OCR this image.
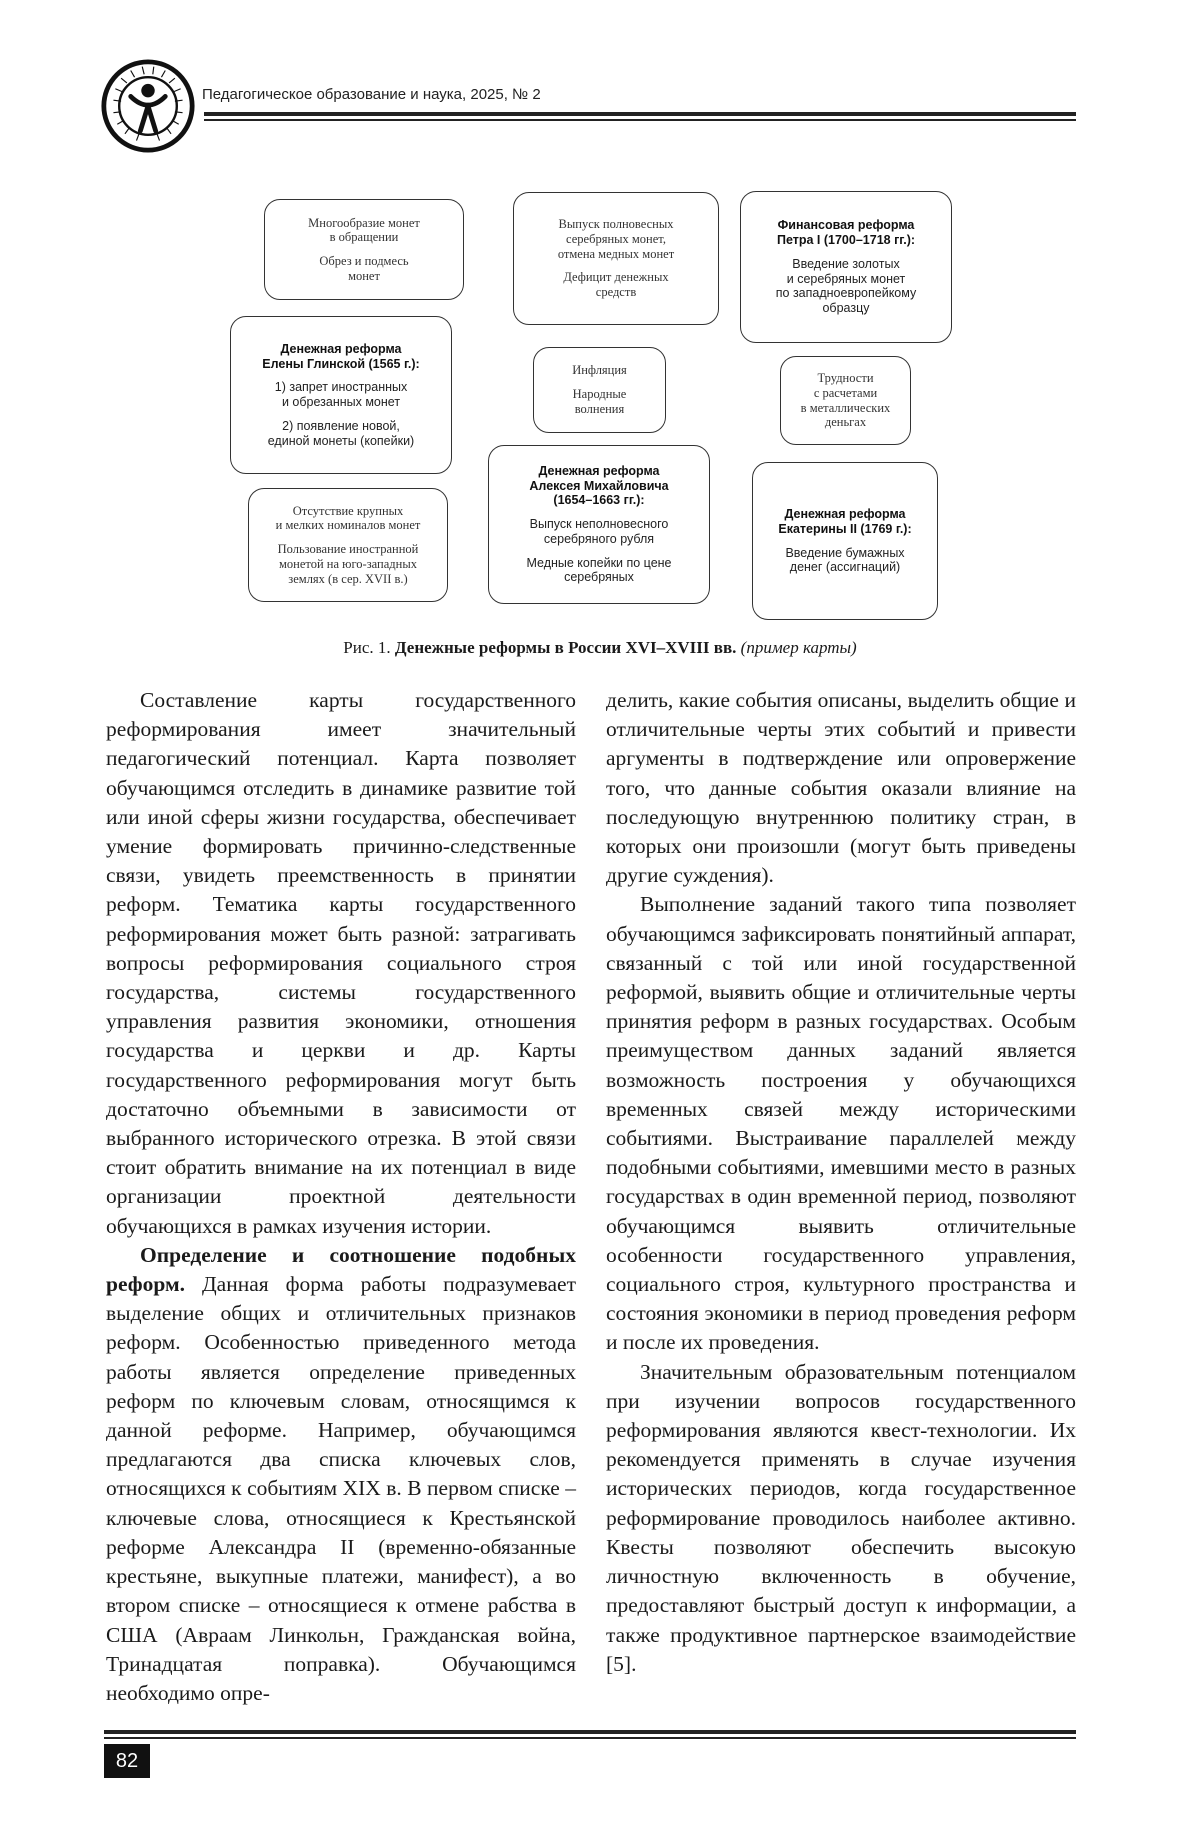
Педагогическое образование и наука, 2025, № 2
Многообразие монет
в обращении
Обрез и подмесь
монет
Выпуск полновесных
серебряных монет,
отмена медных монет
Дефицит денежных
средств
Финансовая реформа
Петра I (1700–1718 гг.):
Введение золотых
и серебряных монет
по западноевропейкому
образцу
Денежная реформа
Елены Глинской (1565 г.):
1) запрет иностранных
и обрезанных монет
2) появление новой,
единой монеты (копейки)
Инфляция
Народные
волнения
Трудности
с расчетами
в металлических
деньгах
Денежная реформа
Алексея Михайловича
(1654–1663 гг.):
Выпуск неполновесного
серебряного рубля
Медные копейки по цене
серебряных
Отсутствие крупных
и мелких номиналов монет
Пользование иностранной
монетой на юго-западных
землях (в сер. XVII в.)
Денежная реформа
Екатерины II (1769 г.):
Введение бумажных
денег (ассигнаций)
Рис. 1. Денежные реформы в России XVI–XVIII вв. (пример карты)

Составление карты государственного реформирования имеет значительный педагогический потенциал. Карта позволяет обучающимся отследить в динамике развитие той или иной сферы жизни государства, обеспечивает умение формировать причинно-следственные связи, увидеть преемственность в принятии реформ. Тематика карты государственного реформирования может быть разной: затрагивать вопросы реформирования социального строя государства, системы государственного управления развития экономики, отношения государства и церкви и др. Карты государственного реформирования могут быть достаточно объемными в зависимости от выбранного исторического отрезка. В этой связи стоит обратить внимание на их потенциал в виде организации проектной деятельности обучающихся в рамках изучения истории.

Определение и соотношение подобных реформ. Данная форма работы подразумевает выделение общих и отличительных признаков реформ. Особенностью приведенного метода работы является определение приведенных реформ по ключевым словам, относящимся к данной реформе. Например, обучающимся предлагаются два списка ключевых слов, относящихся к событиям XIX в. В первом списке – ключевые слова, относящиеся к Крестьянской реформе Александра II (временно-обязанные крестьяне, выкупные платежи, манифест), а во втором списке – относящиеся к отмене рабства в США (Авраам Линкольн, Гражданская война, Тринадцатая поправка). Обучающимся необходимо опре-

делить, какие события описаны, выделить общие и отличительные черты этих событий и привести аргументы в подтверждение или опровержение того, что данные события оказали влияние на последующую внутреннюю политику стран, в которых они произошли (могут быть приведены другие суждения).

Выполнение заданий такого типа позволяет обучающимся зафиксировать понятийный аппарат, связанный с той или иной государственной реформой, выявить общие и отличительные черты принятия реформ в разных государствах. Особым преимуществом данных заданий является возможность построения у обучающихся временных связей между историческими событиями. Выстраивание параллелей между подобными событиями, имевшими место в разных государствах в один временной период, позволяют обучающимся выявить отличительные особенности государственного управления, социального строя, культурного пространства и состояния экономики в период проведения реформ и после их проведения.

Значительным образовательным потенциалом при изучении вопросов государственного реформирования являются квест-технологии. Их рекомендуется применять в случае изучения исторических периодов, когда государственное реформирование проводилось наиболее активно. Квесты позволяют обеспечить высокую личностную включенность в обучение, предоставляют быстрый доступ к информации, а также продуктивное партнерское взаимодействие [5].

82
